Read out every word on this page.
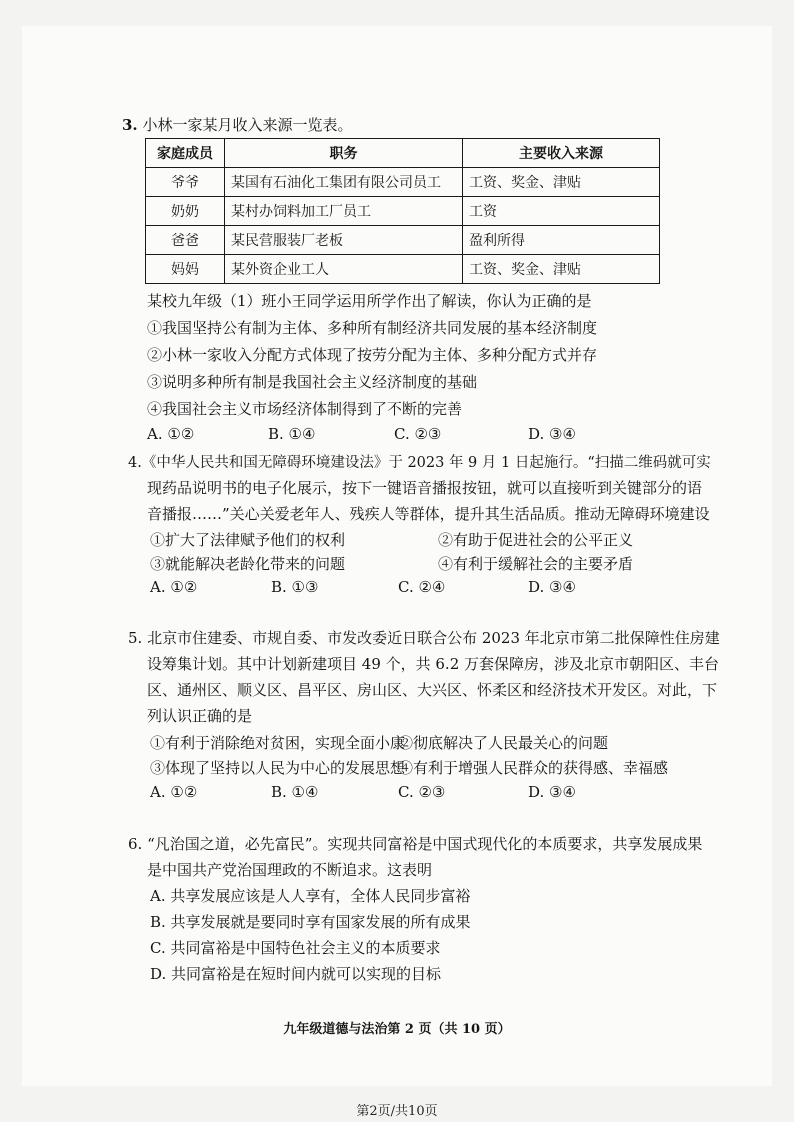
3. 小林一家某月收入来源一览表。
家庭成员	职务	主要收入来源
爷爷	某国有石油化工集团有限公司员工	工资、奖金、津贴
奶奶	某村办饲料加工厂员工	工资
爸爸	某民营服装厂老板	盈利所得
妈妈	某外资企业工人	工资、奖金、津贴
某校九年级（1）班小王同学运用所学作出了解读，你认为正确的是
①我国坚持公有制为主体、多种所有制经济共同发展的基本经济制度
②小林一家收入分配方式体现了按劳分配为主体、多种分配方式并存
③说明多种所有制是我国社会主义经济制度的基础
④我国社会主义市场经济体制得到了不断的完善
A. ①②	B. ①④	C. ②③	D. ③④
4.《中华人民共和国无障碍环境建设法》于 2023 年 9 月 1 日起施行。“扫描二维码就可实
现药品说明书的电子化展示，按下一键语音播报按钮，就可以直接听到关键部分的语
音播报……”关心关爱老年人、残疾人等群体，提升其生活品质。推动无障碍环境建设
①扩大了法律赋予他们的权利	②有助于促进社会的公平正义
③就能解决老龄化带来的问题	④有利于缓解社会的主要矛盾
A. ①②	B. ①③	C. ②④	D. ③④
5. 北京市住建委、市规自委、市发改委近日联合公布 2023 年北京市第二批保障性住房建
设筹集计划。其中计划新建项目 49 个，共 6.2 万套保障房，涉及北京市朝阳区、丰台
区、通州区、顺义区、昌平区、房山区、大兴区、怀柔区和经济技术开发区。对此，下
列认识正确的是
①有利于消除绝对贫困，实现全面小康
②彻底解决了人民最关心的问题
③体现了坚持以人民为中心的发展思想
④有利于增强人民群众的获得感、幸福感
A. ①②	B. ①④	C. ②③	D. ③④
6. “凡治国之道，必先富民”。实现共同富裕是中国式现代化的本质要求，共享发展成果
是中国共产党治国理政的不断追求。这表明
A. 共享发展应该是人人享有，全体人民同步富裕
B. 共享发展就是要同时享有国家发展的所有成果
C. 共同富裕是中国特色社会主义的本质要求
D. 共同富裕是在短时间内就可以实现的目标
九年级道德与法治第 2 页（共 10 页）
第2页/共10页
